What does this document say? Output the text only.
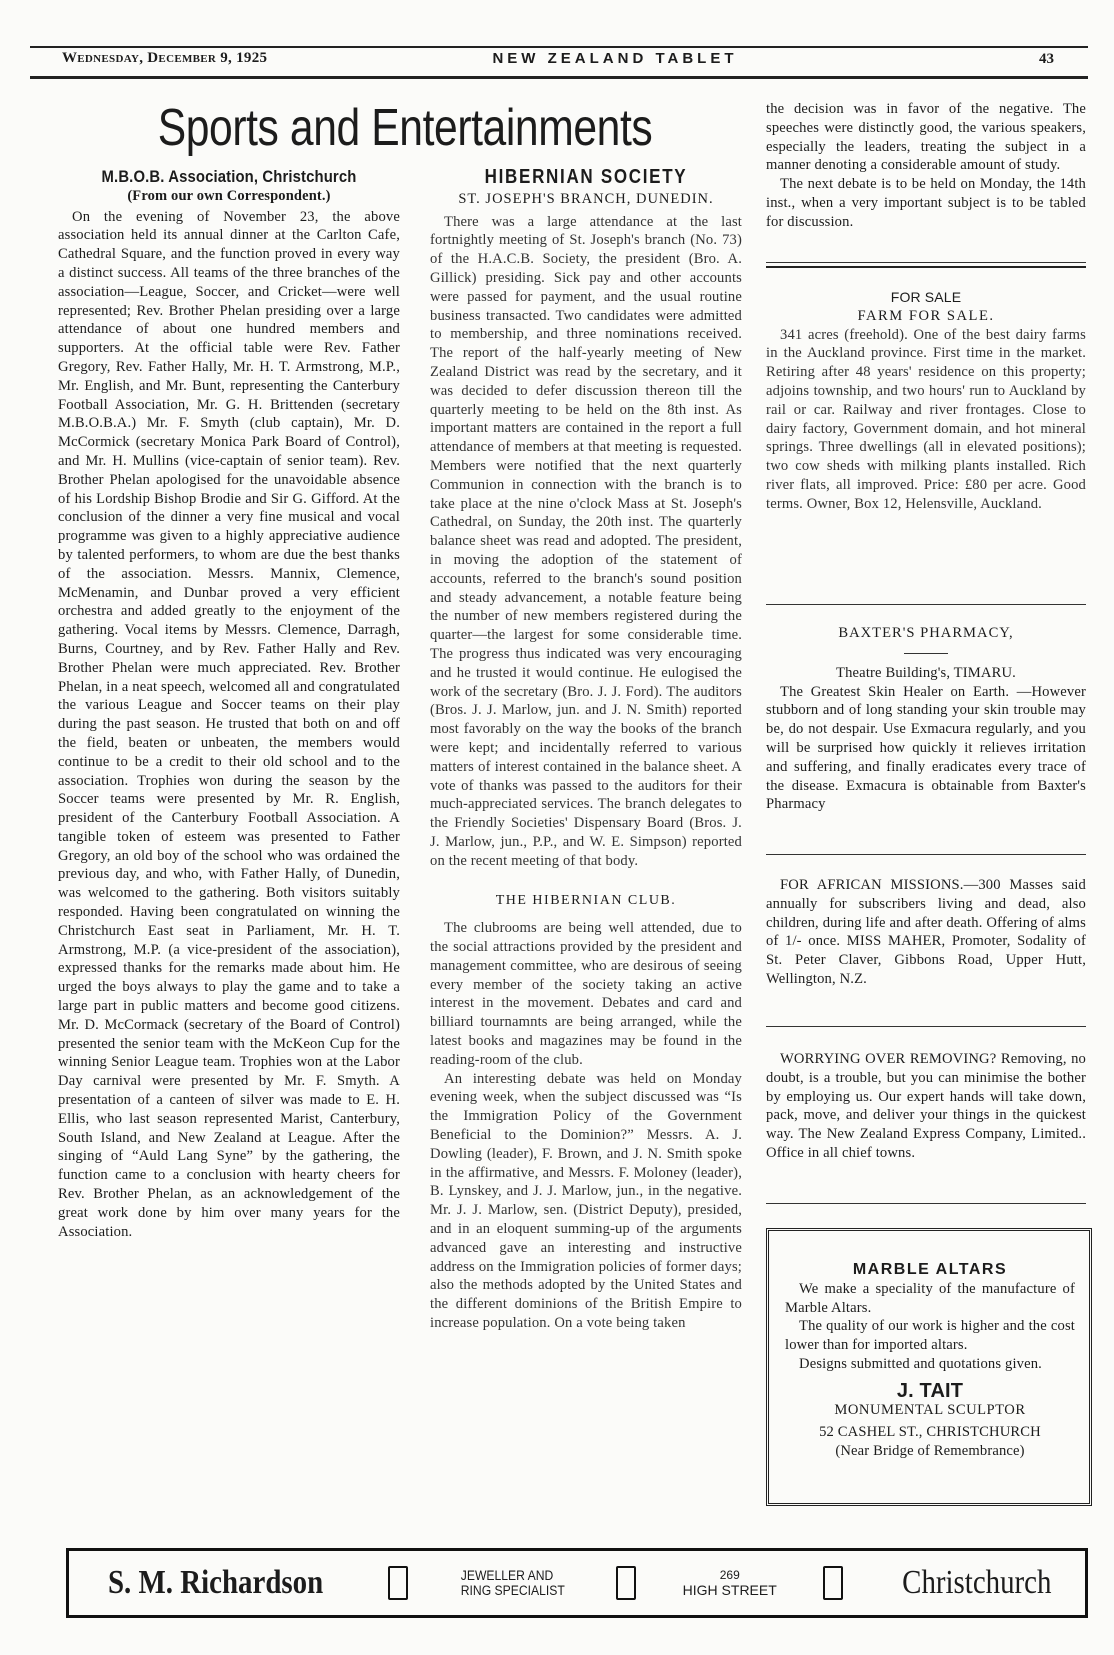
Wednesday, December 9, 1925	NEW ZEALAND TABLET	43
Sports and Entertainments
M.B.O.B. Association, Christchurch
(From our own Correspondent.)

On the evening of November 23, the above association held its annual dinner at the Carlton Cafe, Cathedral Square, and the function proved in every way a distinct success. All teams of the three branches of the association—League, Soccer, and Cricket—were well represented; Rev. Brother Phelan presiding over a large attendance of about one hundred members and supporters. At the official table were Rev. Father Gregory, Rev. Father Hally, Mr. H. T. Armstrong, M.P., Mr. English, and Mr. Bunt, representing the Canterbury Football Association, Mr. G. H. Brittenden (secretary M.B.O.B.A.) Mr. F. Smyth (club captain), Mr. D. McCormick (secretary Monica Park Board of Control), and Mr. H. Mullins (vice-captain of senior team). Rev. Brother Phelan apologised for the unavoidable absence of his Lordship Bishop Brodie and Sir G. Gifford. At the conclusion of the dinner a very fine musical and vocal programme was given to a highly appreciative audience by talented performers, to whom are due the best thanks of the association. Messrs. Mannix, Clemence, McMenamin, and Dunbar proved a very efficient orchestra and added greatly to the enjoyment of the gathering. Vocal items by Messrs. Clemence, Darragh, Burns, Courtney, and by Rev. Father Hally and Rev. Brother Phelan were much appreciated. Rev. Brother Phelan, in a neat speech, welcomed all and congratulated the various League and Soccer teams on their play during the past season. He trusted that both on and off the field, beaten or unbeaten, the members would continue to be a credit to their old school and to the association. Trophies won during the season by the Soccer teams were presented by Mr. R. English, president of the Canterbury Football Association. A tangible token of esteem was presented to Father Gregory, an old boy of the school who was ordained the previous day, and who, with Father Hally, of Dunedin, was welcomed to the gathering. Both visitors suitably responded. Having been congratulated on winning the Christchurch East seat in Parliament, Mr. H. T. Armstrong, M.P. (a vice-president of the association), expressed thanks for the remarks made about him. He urged the boys always to play the game and to take a large part in public matters and become good citizens. Mr. D. McCormack (secretary of the Board of Control) presented the senior team with the McKeon Cup for the winning Senior League team. Trophies won at the Labor Day carnival were presented by Mr. F. Smyth. A presentation of a canteen of silver was made to E. H. Ellis, who last season represented Marist, Canterbury, South Island, and New Zealand at League. After the singing of “Auld Lang Syne” by the gathering, the function came to a conclusion with hearty cheers for Rev. Brother Phelan, as an acknowledgement of the great work done by him over many years for the Association.

HIBERNIAN SOCIETY
ST. JOSEPH'S BRANCH, DUNEDIN.

There was a large attendance at the last fortnightly meeting of St. Joseph's branch (No. 73) of the H.A.C.B. Society, the president (Bro. A. Gillick) presiding. Sick pay and other accounts were passed for payment, and the usual routine business transacted. Two candidates were admitted to membership, and three nominations received. The report of the half-yearly meeting of New Zealand District was read by the secretary, and it was decided to defer discussion thereon till the quarterly meeting to be held on the 8th inst. As important matters are contained in the report a full attendance of members at that meeting is requested. Members were notified that the next quarterly Communion in connection with the branch is to take place at the nine o'clock Mass at St. Joseph's Cathedral, on Sunday, the 20th inst. The quarterly balance sheet was read and adopted. The president, in moving the adoption of the statement of accounts, referred to the branch's sound position and steady advancement, a notable feature being the number of new members registered during the quarter—the largest for some considerable time. The progress thus indicated was very encouraging and he trusted it would continue. He eulogised the work of the secretary (Bro. J. J. Ford). The auditors (Bros. J. J. Marlow, jun. and J. N. Smith) reported most favorably on the way the books of the branch were kept; and incidentally referred to various matters of interest contained in the balance sheet. A vote of thanks was passed to the auditors for their much-appreciated services. The branch delegates to the Friendly Societies' Dispensary Board (Bros. J. J. Marlow, jun., P.P., and W. E. Simpson) reported on the recent meeting of that body.

THE HIBERNIAN CLUB.

The clubrooms are being well attended, due to the social attractions provided by the president and management committee, who are desirous of seeing every member of the society taking an active interest in the movement. Debates and card and billiard tournamnts are being arranged, while the latest books and magazines may be found in the reading-room of the club.

An interesting debate was held on Monday evening week, when the subject discussed was “Is the Immigration Policy of the Government Beneficial to the Dominion?” Messrs. A. J. Dowling (leader), F. Brown, and J. N. Smith spoke in the affirmative, and Messrs. F. Moloney (leader), B. Lynskey, and J. J. Marlow, jun., in the negative. Mr. J. J. Marlow, sen. (District Deputy), presided, and in an eloquent summing-up of the arguments advanced gave an interesting and instructive address on the Immigration policies of former days; also the methods adopted by the United States and the different dominions of the British Empire to increase population. On a vote being taken

the decision was in favor of the negative. The speeches were distinctly good, the various speakers, especially the leaders, treating the subject in a manner denoting a considerable amount of study.

The next debate is to be held on Monday, the 14th inst., when a very important subject is to be tabled for discussion.

FOR SALE
FARM FOR SALE.

341 acres (freehold). One of the best dairy farms in the Auckland province. First time in the market. Retiring after 48 years' residence on this property; adjoins township, and two hours' run to Auckland by rail or car. Railway and river frontages. Close to dairy factory, Government domain, and hot mineral springs. Three dwellings (all in elevated positions); two cow sheds with milking plants installed. Rich river flats, all improved. Price: £80 per acre. Good terms. Owner, Box 12, Helensville, Auckland.

BAXTER'S PHARMACY,
Theatre Building's, TIMARU.

The Greatest Skin Healer on Earth. —However stubborn and of long standing your skin trouble may be, do not despair. Use Exmacura regularly, and you will be surprised how quickly it relieves irritation and suffering, and finally eradicates every trace of the disease. Exmacura is obtainable from Baxter's Pharmacy

FOR AFRICAN MISSIONS.—300 Masses said annually for subscribers living and dead, also children, during life and after death. Offering of alms of 1/- once. MISS MAHER, Promoter, Sodality of St. Peter Claver, Gibbons Road, Upper Hutt, Wellington, N.Z.

WORRYING OVER REMOVING? Removing, no doubt, is a trouble, but you can minimise the bother by employing us. Our expert hands will take down, pack, move, and deliver your things in the quickest way. The New Zealand Express Company, Limited.. Office in all chief towns.

MARBLE ALTARS

We make a speciality of the manufacture of Marble Altars.

The quality of our work is higher and the cost lower than for imported altars.

Designs submitted and quotations given.

J. TAIT
MONUMENTAL SCULPTOR
52 CASHEL ST., CHRISTCHURCH
(Near Bridge of Remembrance)
S. M. Richardson	JEWELLER AND
RING SPECIALIST
269
HIGH STREET	Christchurch
